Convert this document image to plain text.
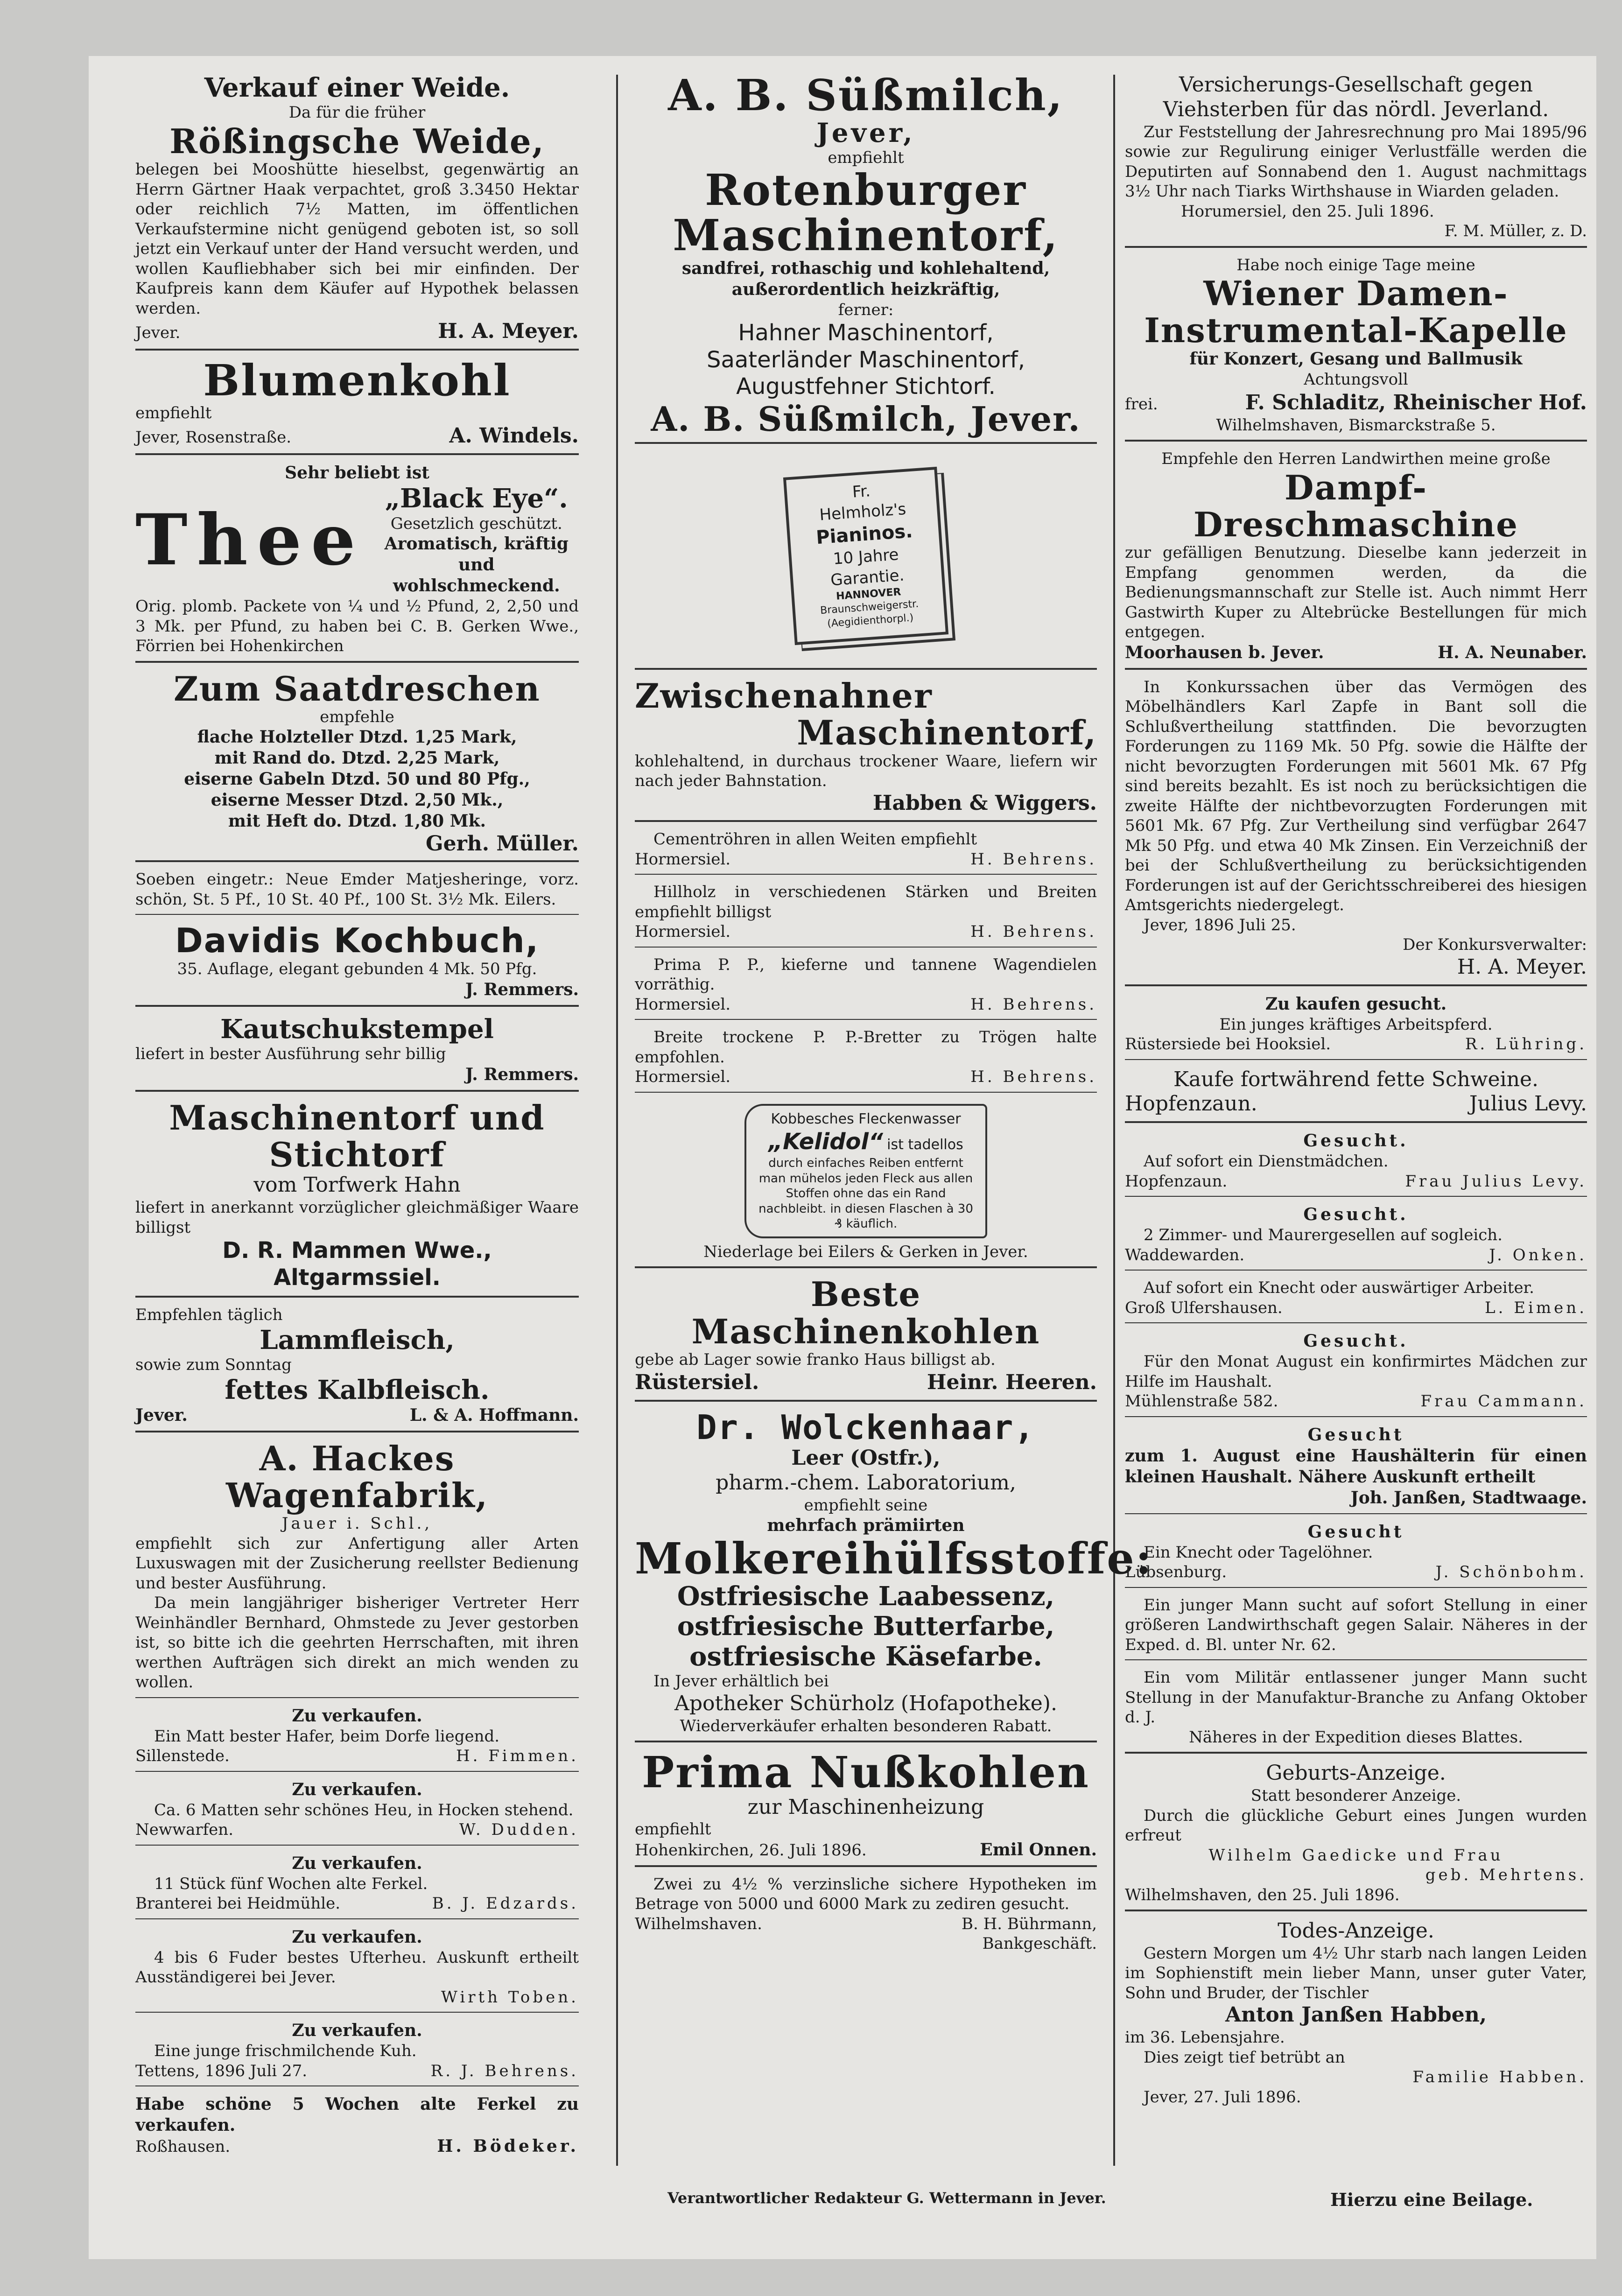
Verkauf einer Weide.
Da für die früher
Rößingsche Weide,
belegen bei Mooshütte hieselbst, gegenwärtig an Herrn Gärtner Haak verpachtet, groß 3.3450 Hektar oder reichlich 7½ Matten, im öffentlichen Verkaufstermine nicht genügend geboten ist, so soll jetzt ein Verkauf unter der Hand versucht werden, und wollen Kaufliebhaber sich bei mir einfinden. Der Kaufpreis kann dem Käufer auf Hypothek belassen werden.
Jever.	H. A. Meyer.
Blumenkohl
empfiehlt
Jever, Rosenstraße.	A. Windels.
Sehr beliebt ist
Thee
„Black Eye“.
Gesetzlich geschützt.
Aromatisch, kräftig und wohlschmeckend.
Orig. plomb. Packete von ¼ und ½ Pfund, 2, 2,50 und 3 Mk. per Pfund, zu haben bei C. B. Gerken Wwe., Förrien bei Hohenkirchen
Zum Saatdreschen
empfehle
flache Holzteller Dtzd. 1,25 Mark,
mit Rand do. Dtzd. 2,25 Mark,
eiserne Gabeln Dtzd. 50 und 80 Pfg.,
eiserne Messer Dtzd. 2,50 Mk.,
mit Heft do. Dtzd. 1,80 Mk.
Gerh. Müller.
Soeben eingetr.: Neue Emder Matjesheringe, vorz. schön, St. 5 Pf., 10 St. 40 Pf., 100 St. 3½ Mk. Eilers.
Davidis Kochbuch,
35. Auflage, elegant gebunden 4 Mk. 50 Pfg.
J. Remmers.
Kautschukstempel
liefert in bester Ausführung sehr billig
J. Remmers.
Maschinentorf und Stichtorf
vom Torfwerk Hahn
liefert in anerkannt vorzüglicher gleichmäßiger Waare billigst
D. R. Mammen Wwe., Altgarmssiel.
Empfehlen täglich
Lammfleisch,
sowie zum Sonntag
fettes Kalbfleisch.
Jever.	L. & A. Hoffmann.
A. Hackes Wagenfabrik,
Jauer i. Schl.,
empfiehlt sich zur Anfertigung aller Arten Luxuswagen mit der Zusicherung reellster Bedienung und bester Ausführung.
Da mein langjähriger bisheriger Vertreter Herr Weinhändler Bernhard, Ohmstede zu Jever gestorben ist, so bitte ich die geehrten Herrschaften, mit ihren werthen Aufträgen sich direkt an mich wenden zu wollen.
Zu verkaufen.
Ein Matt bester Hafer, beim Dorfe liegend.
Sillenstede.	H. Fimmen.
Zu verkaufen.
Ca. 6 Matten sehr schönes Heu, in Hocken stehend.
Newwarfen.	W. Dudden.
Zu verkaufen.
11 Stück fünf Wochen alte Ferkel.
Branterei bei Heidmühle.	B. J. Edzards.
Zu verkaufen.
4 bis 6 Fuder bestes Ufterheu. Auskunft ertheilt Ausständigerei bei Jever.
Wirth Toben.
Zu verkaufen.
Eine junge frischmilchende Kuh.
Tettens, 1896 Juli 27.	R. J. Behrens.
Habe schöne 5 Wochen alte Ferkel zu verkaufen.
Roßhausen.	H. Bödeker.
A. B. Süßmilch,
Jever,
empfiehlt
Rotenburger
Maschinentorf,
sandfrei, rothaschig und kohlehaltend, außerordentlich heizkräftig,
ferner:
Hahner Maschinentorf,
Saaterländer Maschinentorf,
Augustfehner Stichtorf.
A. B. Süßmilch, Jever.
Fr.
Helmholz's
Pianinos.
10 Jahre
Garantie.
HANNOVER
Braunschweigerstr.
(Aegidienthorpl.)
Zwischenahner
Maschinentorf,
kohlehaltend, in durchaus trockener Waare, liefern wir nach jeder Bahnstation.
Habben & Wiggers.
Cementröhren in allen Weiten empfiehlt
Hormersiel.	H. Behrens.
Hillholz in verschiedenen Stärken und Breiten empfiehlt billigst
Hormersiel.	H. Behrens.
Prima P. P., kieferne und tannene Wagendielen vorräthig.
Hormersiel.	H. Behrens.
Breite trockene P. P.-Bretter zu Trögen halte empfohlen.
Hormersiel.	H. Behrens.
Kobbesches Fleckenwasser
„Kelidol“ ist tadellos
durch einfaches Reiben entfernt man mühelos jeden Fleck aus allen Stoffen ohne das ein Rand nachbleibt. in diesen Flaschen à 30 ₰ käuflich.
Niederlage bei Eilers & Gerken in Jever.
Beste Maschinenkohlen
gebe ab Lager sowie franko Haus billigst ab.
Rüstersiel.	Heinr. Heeren.
Dr. Wolckenhaar,
Leer (Ostfr.),
pharm.-chem. Laboratorium,
empfiehlt seine
mehrfach prämiirten
Molkereihülfsstoffe:
Ostfriesische Laabessenz,
ostfriesische Butterfarbe,
ostfriesische Käsefarbe.
In Jever erhältlich bei
Apotheker Schürholz (Hofapotheke).
Wiederverkäufer erhalten besonderen Rabatt.
Prima Nußkohlen
zur Maschinenheizung
empfiehlt
Hohenkirchen, 26. Juli 1896.	Emil Onnen.
Zwei zu 4½ % verzinsliche sichere Hypotheken im Betrage von 5000 und 6000 Mark zu zediren gesucht.
Wilhelmshaven.	B. H. Bührmann, Bankgeschäft.
Versicherungs-Gesellschaft gegen Viehsterben für das nördl. Jeverland.
Zur Feststellung der Jahresrechnung pro Mai 1895/96 sowie zur Regulirung einiger Verlustfälle werden die Deputirten auf Sonnabend den 1. August nachmittags 3½ Uhr nach Tiarks Wirthshause in Wiarden geladen.
Horumersiel, den 25. Juli 1896.
F. M. Müller, z. D.
Habe noch einige Tage meine
Wiener Damen-Instrumental-Kapelle
für Konzert, Gesang und Ballmusik
Achtungsvoll
frei.	F. Schladitz, Rheinischer Hof.
Wilhelmshaven, Bismarckstraße 5.
Empfehle den Herren Landwirthen meine große
Dampf-Dreschmaschine
zur gefälligen Benutzung. Dieselbe kann jederzeit in Empfang genommen werden, da die Bedienungsmannschaft zur Stelle ist. Auch nimmt Herr Gastwirth Kuper zu Altebrücke Bestellungen für mich entgegen.
Moorhausen b. Jever.	H. A. Neunaber.
In Konkurssachen über das Vermögen des Möbelhändlers Karl Zapfe in Bant soll die Schlußvertheilung stattfinden. Die bevorzugten Forderungen zu 1169 Mk. 50 Pfg. sowie die Hälfte der nicht bevorzugten Forderungen mit 5601 Mk. 67 Pfg sind bereits bezahlt. Es ist noch zu berücksichtigen die zweite Hälfte der nichtbevorzugten Forderungen mit 5601 Mk. 67 Pfg. Zur Vertheilung sind verfügbar 2647 Mk 50 Pfg. und etwa 40 Mk Zinsen. Ein Verzeichniß der bei der Schlußvertheilung zu berücksichtigenden Forderungen ist auf der Gerichtsschreiberei des hiesigen Amtsgerichts niedergelegt.
Jever, 1896 Juli 25.
Der Konkursverwalter:
H. A. Meyer.
Zu kaufen gesucht.
Ein junges kräftiges Arbeitspferd.
Rüstersiede bei Hooksiel.	R. Lühring.
Kaufe fortwährend fette Schweine.
Hopfenzaun.	Julius Levy.
Gesucht.
Auf sofort ein Dienstmädchen.
Hopfenzaun.	Frau Julius Levy.
Gesucht.
2 Zimmer- und Maurergesellen auf sogleich.
Waddewarden.	J. Onken.
Auf sofort ein Knecht oder auswärtiger Arbeiter.
Groß Ulfershausen.	L. Eimen.
Gesucht.
Für den Monat August ein konfirmirtes Mädchen zur Hilfe im Haushalt.
Mühlenstraße 582.	Frau Cammann.
Gesucht
zum 1. August eine Haushälterin für einen kleinen Haushalt. Nähere Auskunft ertheilt
Joh. Janßen, Stadtwaage.
Gesucht
Ein Knecht oder Tagelöhner.
Lübsenburg.	J. Schönbohm.
Ein junger Mann sucht auf sofort Stellung in einer größeren Landwirthschaft gegen Salair. Näheres in der Exped. d. Bl. unter Nr. 62.
Ein vom Militär entlassener junger Mann sucht Stellung in der Manufaktur-Branche zu Anfang Oktober d. J.
Näheres in der Expedition dieses Blattes.
Geburts-Anzeige.
Statt besonderer Anzeige.
Durch die glückliche Geburt eines Jungen wurden erfreut
Wilhelm Gaedicke und Frau
geb. Mehrtens.
Wilhelmshaven, den 25. Juli 1896.
Todes-Anzeige.
Gestern Morgen um 4½ Uhr starb nach langen Leiden im Sophienstift mein lieber Mann, unser guter Vater, Sohn und Bruder, der Tischler
Anton Janßen Habben,
im 36. Lebensjahre.
Dies zeigt tief betrübt an
Familie Habben.
Jever, 27. Juli 1896.
Verantwortlicher Redakteur G. Wettermann in Jever.	Hierzu eine Beilage.
